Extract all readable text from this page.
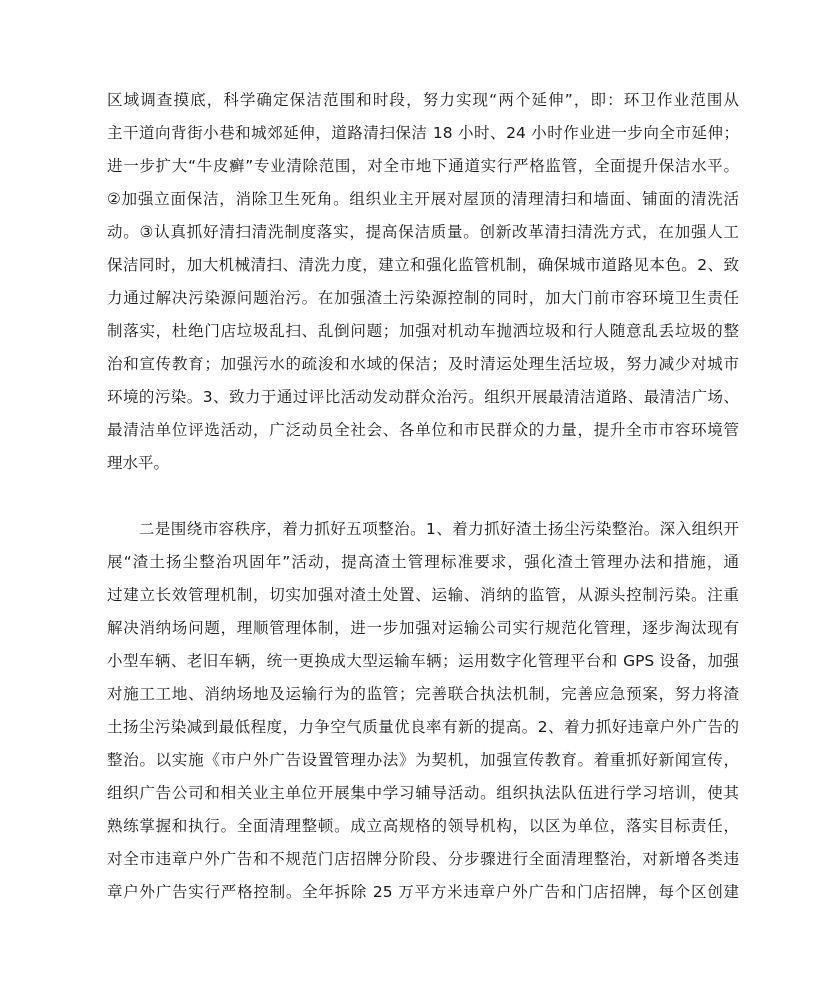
区域调查摸底，科学确定保洁范围和时段，努力实现“两个延伸”，即：环卫作业范围从
主干道向背街小巷和城郊延伸，道路清扫保洁 18 小时、24 小时作业进一步向全市延伸；
进一步扩大“牛皮癣”专业清除范围，对全市地下通道实行严格监管，全面提升保洁水平。
②加强立面保洁，消除卫生死角。组织业主开展对屋顶的清理清扫和墙面、铺面的清洗活
动。③认真抓好清扫清洗制度落实，提高保洁质量。创新改革清扫清洗方式，在加强人工
保洁同时，加大机械清扫、清洗力度，建立和强化监管机制，确保城市道路见本色。2、致
力通过解决污染源问题治污。在加强渣土污染源控制的同时，加大门前市容环境卫生责任
制落实，杜绝门店垃圾乱扫、乱倒问题；加强对机动车抛洒垃圾和行人随意乱丢垃圾的整
治和宣传教育；加强污水的疏浚和水域的保洁；及时清运处理生活垃圾，努力减少对城市
环境的污染。3、致力于通过评比活动发动群众治污。组织开展最清洁道路、最清洁广场、
最清洁单位评选活动，广泛动员全社会、各单位和市民群众的力量，提升全市市容环境管
理水平。
　　二是围绕市容秩序，着力抓好五项整治。1、着力抓好渣土扬尘污染整治。深入组织开
展“渣土扬尘整治巩固年”活动，提高渣土管理标准要求，强化渣土管理办法和措施，通
过建立长效管理机制，切实加强对渣土处置、运输、消纳的监管，从源头控制污染。注重
解决消纳场问题，理顺管理体制，进一步加强对运输公司实行规范化管理，逐步淘汰现有
小型车辆、老旧车辆，统一更换成大型运输车辆；运用数字化管理平台和 GPS 设备，加强
对施工工地、消纳场地及运输行为的监管；完善联合执法机制，完善应急预案，努力将渣
土扬尘污染减到最低程度，力争空气质量优良率有新的提高。2、着力抓好违章户外广告的
整治。以实施《市户外广告设置管理办法》为契机，加强宣传教育。着重抓好新闻宣传，
组织广告公司和相关业主单位开展集中学习辅导活动。组织执法队伍进行学习培训，使其
熟练掌握和执行。全面清理整顿。成立高规格的领导机构，以区为单位，落实目标责任，
对全市违章户外广告和不规范门店招牌分阶段、分步骤进行全面清理整治，对新增各类违
章户外广告实行严格控制。全年拆除 25 万平方米违章户外广告和门店招牌，每个区创建
